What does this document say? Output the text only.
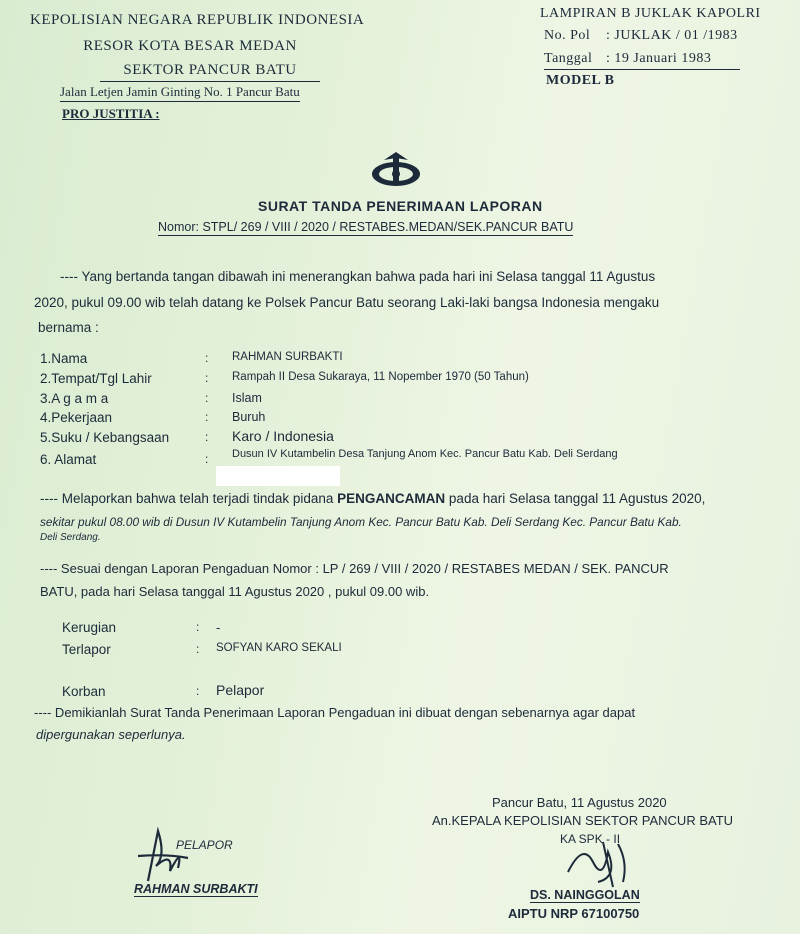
KEPOLISIAN NEGARA REPUBLIK INDONESIA
RESOR KOTA BESAR MEDAN
SEKTOR PANCUR BATU
Jalan Letjen Jamin Ginting No. 1 Pancur Batu
PRO JUSTITIA :
LAMPIRAN B JUKLAK KAPOLRI
No. Pol : JUKLAK / 01 /1983
Tanggal : 19 Januari 1983
MODEL B
SURAT TANDA PENERIMAAN LAPORAN
Nomor: STPL/ 269 / VIII / 2020 / RESTABES.MEDAN/SEK.PANCUR BATU
---- Yang bertanda tangan dibawah ini menerangkan bahwa pada hari ini Selasa tanggal 11 Agustus
2020, pukul 09.00 wib telah datang ke Polsek Pancur Batu seorang Laki-laki bangsa Indonesia mengaku
bernama :
1.Nama	: RAHMAN SURBAKTI
2.Tempat/Tgl Lahir	: Rampah II Desa Sukaraya, 11 Nopember 1970 (50 Tahun)
3.A g a m a	: Islam
4.Pekerjaan	: Buruh
5.Suku / Kebangsaan	: Karo / Indonesia
6. Alamat	: Dusun IV Kutambelin Desa Tanjung Anom Kec. Pancur Batu Kab. Deli Serdang
---- Melaporkan bahwa telah terjadi tindak pidana PENGANCAMAN pada hari Selasa tanggal 11 Agustus 2020,
sekitar pukul 08.00 wib di Dusun IV Kutambelin Tanjung Anom Kec. Pancur Batu Kab. Deli Serdang Kec. Pancur Batu Kab.
Deli Serdang.
---- Sesuai dengan Laporan Pengaduan Nomor : LP / 269 / VIII / 2020 / RESTABES MEDAN / SEK. PANCUR
BATU, pada hari Selasa tanggal 11 Agustus 2020 , pukul 09.00 wib.
Kerugian	: -
Terlapor	: SOFYAN KARO SEKALI
Korban	: Pelapor
---- Demikianlah Surat Tanda Penerimaan Laporan Pengaduan ini dibuat dengan sebenarnya agar dapat
dipergunakan seperlunya.
Pancur Batu, 11 Agustus 2020
An.KEPALA KEPOLISIAN SEKTOR PANCUR BATU
KA SPK - II
DS. NAINGGOLAN
AIPTU NRP 67100750
PELAPOR
RAHMAN SURBAKTI
